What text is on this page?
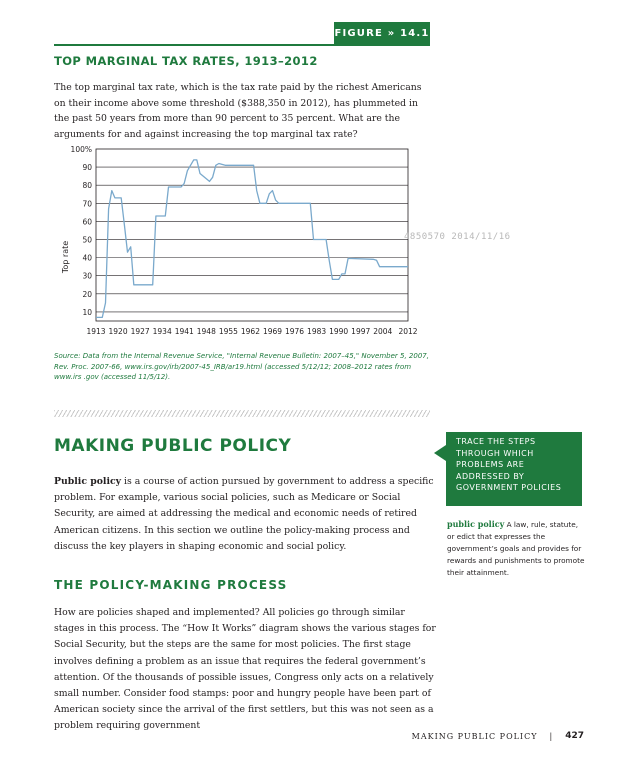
FIGURE » 14.1
TOP MARGINAL TAX RATES, 1913–2012
The top marginal tax rate, which is the tax rate paid by the richest Americans on their income above some threshold ($388,350 in 2012), has plummeted in the past 50 years from more than 90 percent to 35 percent. What are the arguments for and against increasing the top marginal tax rate?
100%
90
80
70
60
50
40
30
20
10
1913 1920 1927 1934 1941 1948 1955 1962 1969 1976 1983 1990 1997 2004 2012
Top rate
4850570 2014/11/16
Source: Data from the Internal Revenue Service, "Internal Revenue Bulletin: 2007–45," November 5, 2007, Rev. Proc. 2007-66, www.irs.gov/irb/2007-45_IRB/ar19.html (accessed 5/12/12; 2008–2012 rates from www.irs .gov (accessed 11/5/12).
MAKING PUBLIC POLICY
Public policy is a course of action pursued by government to address a specific problem. For example, various social policies, such as Medicare or Social Security, are aimed at addressing the medical and economic needs of retired American citizens. In this section we outline the policy-making process and discuss the key players in shaping economic and social policy.
THE POLICY-MAKING PROCESS
How are policies shaped and implemented? All policies go through similar stages in this process. The “How It Works” diagram shows the various stages for Social Security, but the steps are the same for most policies. The first stage involves defining a problem as an issue that requires the federal government’s attention. Of the thousands of possible issues, Congress only acts on a relatively small number. Consider food stamps: poor and hungry people have been part of American society since the arrival of the first settlers, but this was not seen as a problem requiring government
TRACE THE STEPS THROUGH WHICH PROBLEMS ARE ADDRESSED BY GOVERNMENT POLICIES
public policy A law, rule, statute, or edict that expresses the government’s goals and provides for rewards and punishments to promote their attainment.
MAKING PUBLIC POLICY | 427
